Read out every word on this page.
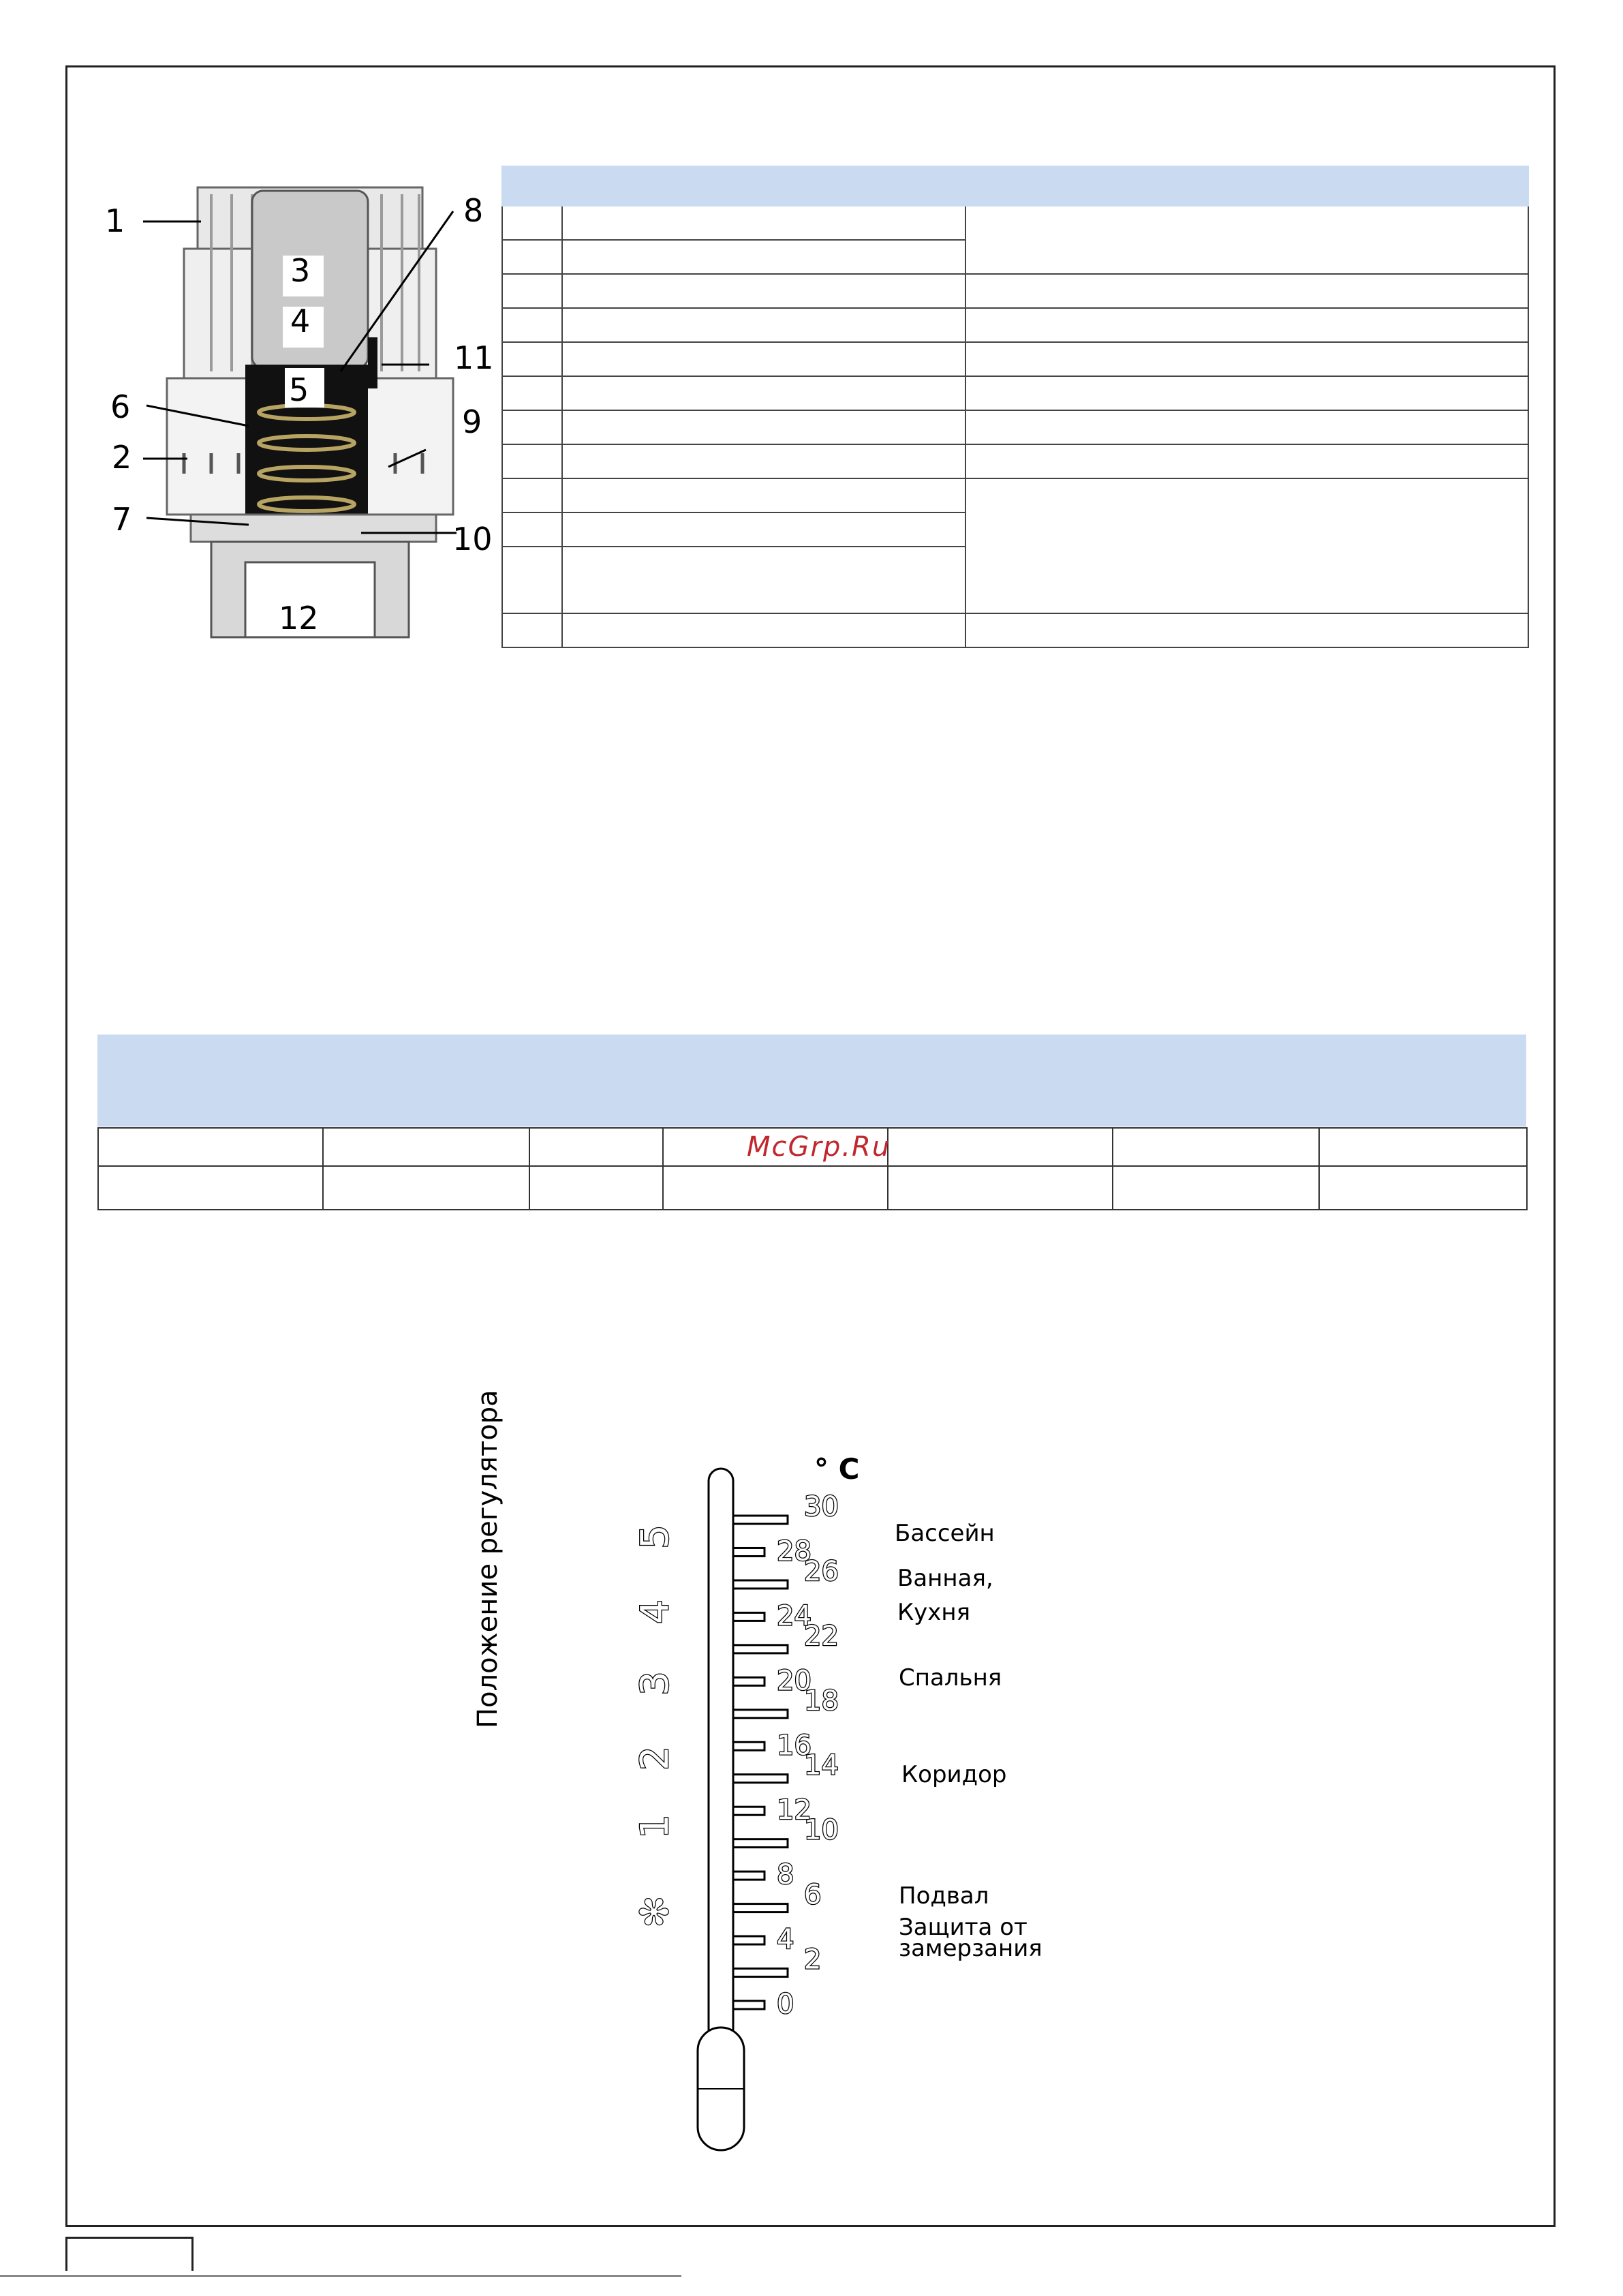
1
2
3
4
5
6
7
8
9
10
11
12

McGrp.Ru
Положение регулятора
0
2
4
6
8
10
12
14
16
18
20
22
24
26
28
30
✻
1
2
3
4
5
° C
Бассейн
Ванная,
Кухня
Спальня
Коридор
Подвал
Защита от
замерзания
